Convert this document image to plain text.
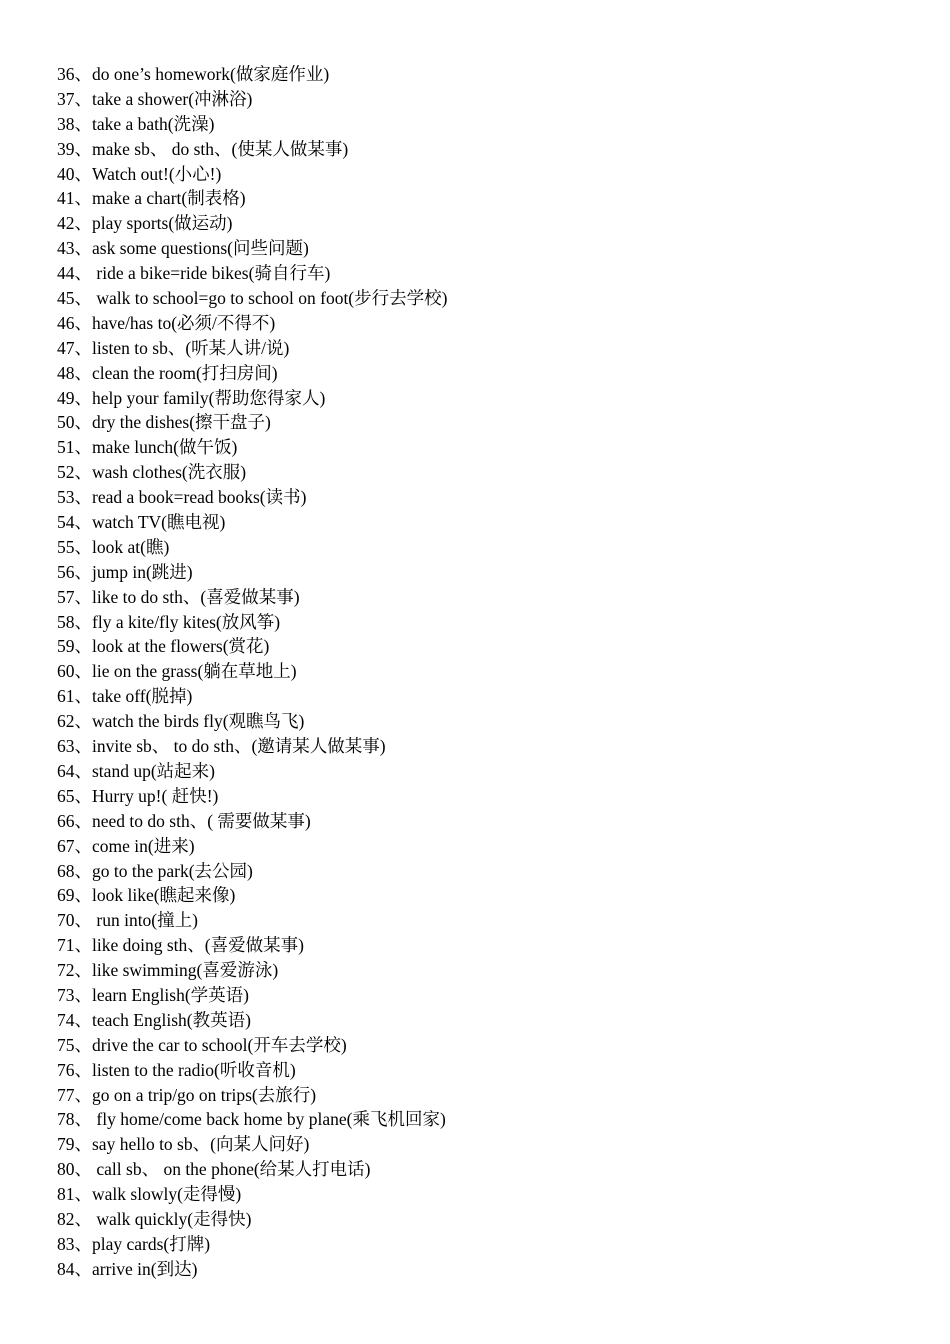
36、do one’s homework(做家庭作业)
37、take a shower(冲淋浴)
38、take a bath(洗澡)
39、make sb、 do sth、(使某人做某事)
40、Watch out!(小心!)
41、make a chart(制表格)
42、play sports(做运动)
43、ask some questions(问些问题)
44、 ride a bike=ride bikes(骑自行车)
45、 walk to school=go to school on foot(步行去学校)
46、have/has to(必须/不得不)
47、listen to sb、(听某人讲/说)
48、clean the room(打扫房间)
49、help your family(帮助您得家人)
50、dry the dishes(擦干盘子)
51、make lunch(做午饭)
52、wash clothes(洗衣服)
53、read a book=read books(读书)
54、watch TV(瞧电视)
55、look at(瞧)
56、jump in(跳进)
57、like to do sth、(喜爱做某事)
58、fly a kite/fly kites(放风筝)
59、look at the flowers(赏花)
60、lie on the grass(躺在草地上)
61、take off(脱掉)
62、watch the birds fly(观瞧鸟飞)
63、invite sb、 to do sth、(邀请某人做某事)
64、stand up(站起来)
65、Hurry up!( 赶快!)
66、need to do sth、( 需要做某事)
67、come in(进来)
68、go to the park(去公园)
69、look like(瞧起来像)
70、 run into(撞上)
71、like doing sth、(喜爱做某事)
72、like swimming(喜爱游泳)
73、learn English(学英语)
74、teach English(教英语)
75、drive the car to school(开车去学校)
76、listen to the radio(听收音机)
77、go on a trip/go on trips(去旅行)
78、 fly home/come back home by plane(乘飞机回家)
79、say hello to sb、(向某人问好)
80、 call sb、 on the phone(给某人打电话)
81、walk slowly(走得慢)
82、 walk quickly(走得快)
83、play cards(打牌)
84、arrive in(到达)
